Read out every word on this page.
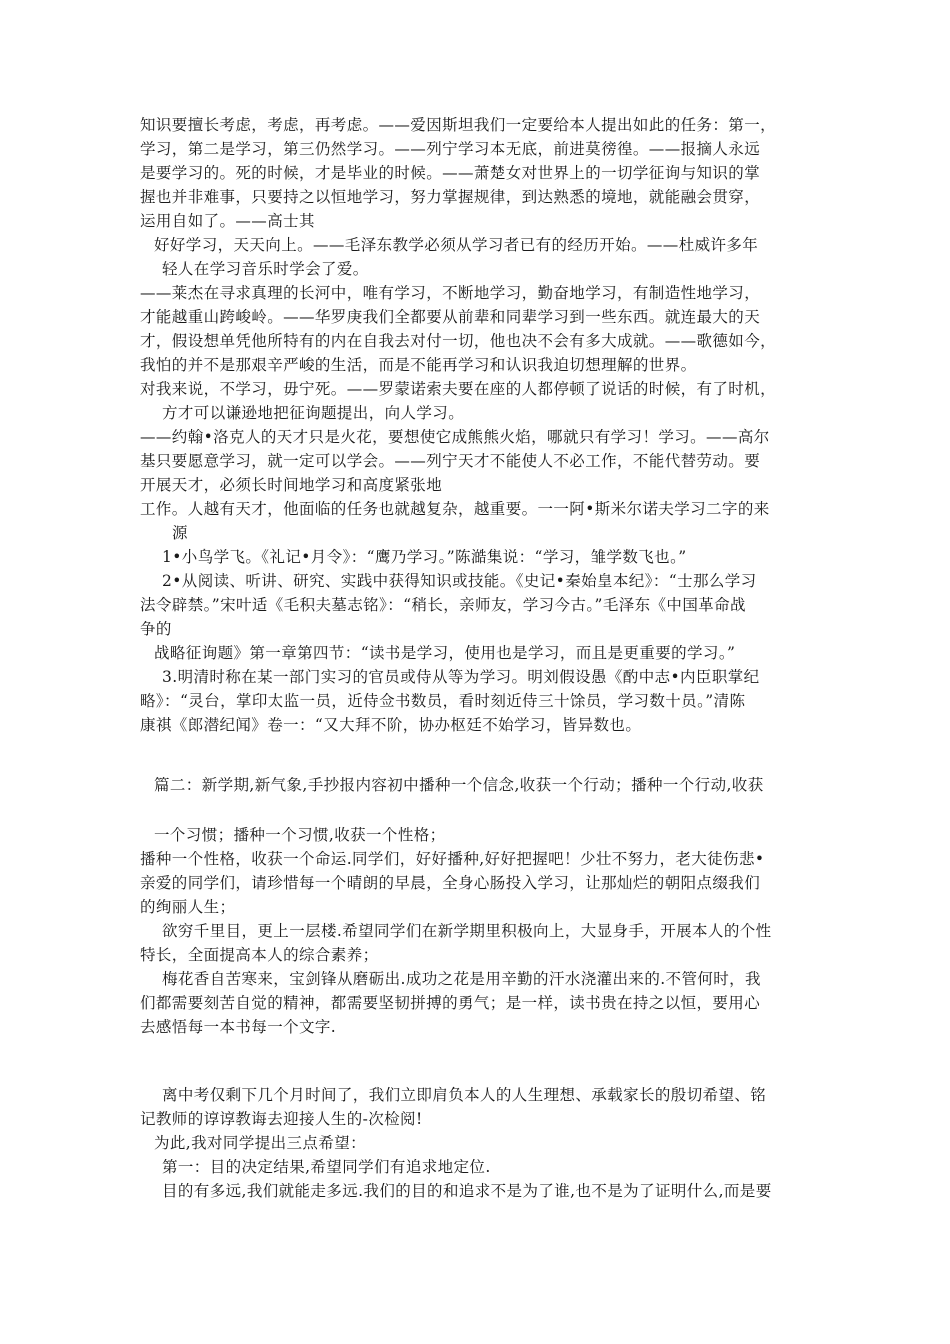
知识要擅长考虑，考虑，再考虑。——爱因斯坦我们一定要给本人提出如此的任务：第一，
学习，第二是学习，第三仍然学习。——列宁学习本无底，前进莫徬徨。——报摘人永远
是要学习的。死的时候，才是毕业的时候。——萧楚女对世界上的一切学征询与知识的掌
握也并非难事，只要持之以恒地学习，努力掌握规律，到达熟悉的境地，就能融会贯穿，
运用自如了。——高士其
好好学习，天天向上。——毛泽东教学必须从学习者已有的经历开始。——杜威许多年
轻人在学习音乐时学会了爱。
——莱杰在寻求真理的长河中，唯有学习，不断地学习，勤奋地学习，有制造性地学习，
才能越重山跨峻岭。——华罗庚我们全都要从前辈和同辈学习到一些东西。就连最大的天
才，假设想单凭他所特有的内在自我去对付一切，他也决不会有多大成就。——歌德如今，
我怕的并不是那艰辛严峻的生活，而是不能再学习和认识我迫切想理解的世界。
对我来说，不学习，毋宁死。——罗蒙诺索夫要在座的人都停顿了说话的时候，有了时机，
方才可以谦逊地把征询题提出，向人学习。
——约翰•洛克人的天才只是火花，要想使它成熊熊火焰，哪就只有学习！学习。——高尔
基只要愿意学习，就一定可以学会。——列宁天才不能使人不必工作，不能代替劳动。要
开展天才，必须长时间地学习和高度紧张地
工作。人越有天才，他面临的任务也就越复杂，越重要。一一阿•斯米尔诺夫学习二字的来
源
1•小鸟学飞。《礼记•月令》：“鹰乃学习。”陈澔集说：“学习，雏学数飞也。”
2•从阅读、听讲、研究、实践中获得知识或技能。《史记•秦始皇本纪》：“士那么学习
法令辟禁。”宋叶适《毛积夫墓志铭》：“稍长，亲师友，学习今古。”毛泽东《中国革命战
争的
战略征询题》第一章第四节：“读书是学习，使用也是学习，而且是更重要的学习。”
3.明清时称在某一部门实习的官员或侍从等为学习。明刘假设愚《酌中志•内臣职掌纪
略》：“灵台，掌印太监一员，近侍佥书数员，看时刻近侍三十馀员，学习数十员。”清陈
康祺《郎潜纪闻》卷一：“又大拜不阶，协办枢廷不始学习，皆异数也。
篇二：新学期,新气象,手抄报内容初中播种一个信念,收获一个行动；播种一个行动,收获
一个习惯；播种一个习惯,收获一个性格；
播种一个性格，收获一个命运.同学们，好好播种,好好把握吧！少壮不努力，老大徒伤悲•
亲爱的同学们，请珍惜每一个晴朗的早晨，全身心肠投入学习，让那灿烂的朝阳点缀我们
的绚丽人生；
欲穷千里目，更上一层楼.希望同学们在新学期里积极向上，大显身手，开展本人的个性
特长，全面提高本人的综合素养；
梅花香自苦寒来，宝剑锋从磨砺出.成功之花是用辛勤的汗水浇灌出来的.不管何时，我
们都需要刻苦自觉的精神，都需要坚韧拼搏的勇气；是一样，读书贵在持之以恒，要用心
去感悟每一本书每一个文字.
离中考仅剩下几个月时间了，我们立即肩负本人的人生理想、承载家长的殷切希望、铭
记教师的谆谆教诲去迎接人生的-次检阅!
为此,我对同学提出三点希望：
第一：目的决定结果,希望同学们有追求地定位.
目的有多远,我们就能走多远.我们的目的和追求不是为了谁,也不是为了证明什么,而是要
